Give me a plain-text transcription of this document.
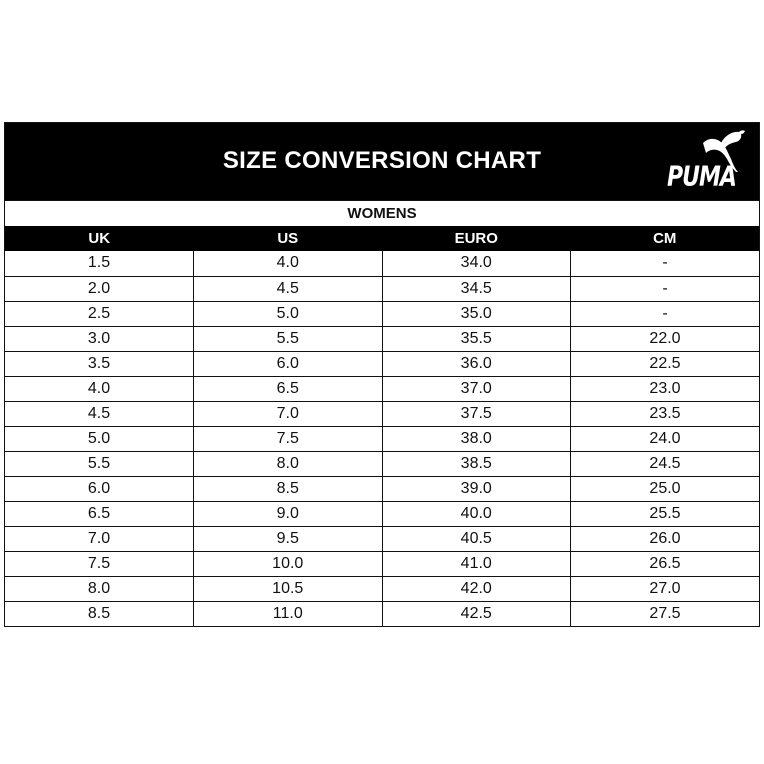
SIZE CONVERSION CHART
PUMA
WOMENS
UK	US	EURO	CM
1.5	4.0	34.0	-
2.0	4.5	34.5	-
2.5	5.0	35.0	-
3.0	5.5	35.5	22.0
3.5	6.0	36.0	22.5
4.0	6.5	37.0	23.0
4.5	7.0	37.5	23.5
5.0	7.5	38.0	24.0
5.5	8.0	38.5	24.5
6.0	8.5	39.0	25.0
6.5	9.0	40.0	25.5
7.0	9.5	40.5	26.0
7.5	10.0	41.0	26.5
8.0	10.5	42.0	27.0
8.5	11.0	42.5	27.5
